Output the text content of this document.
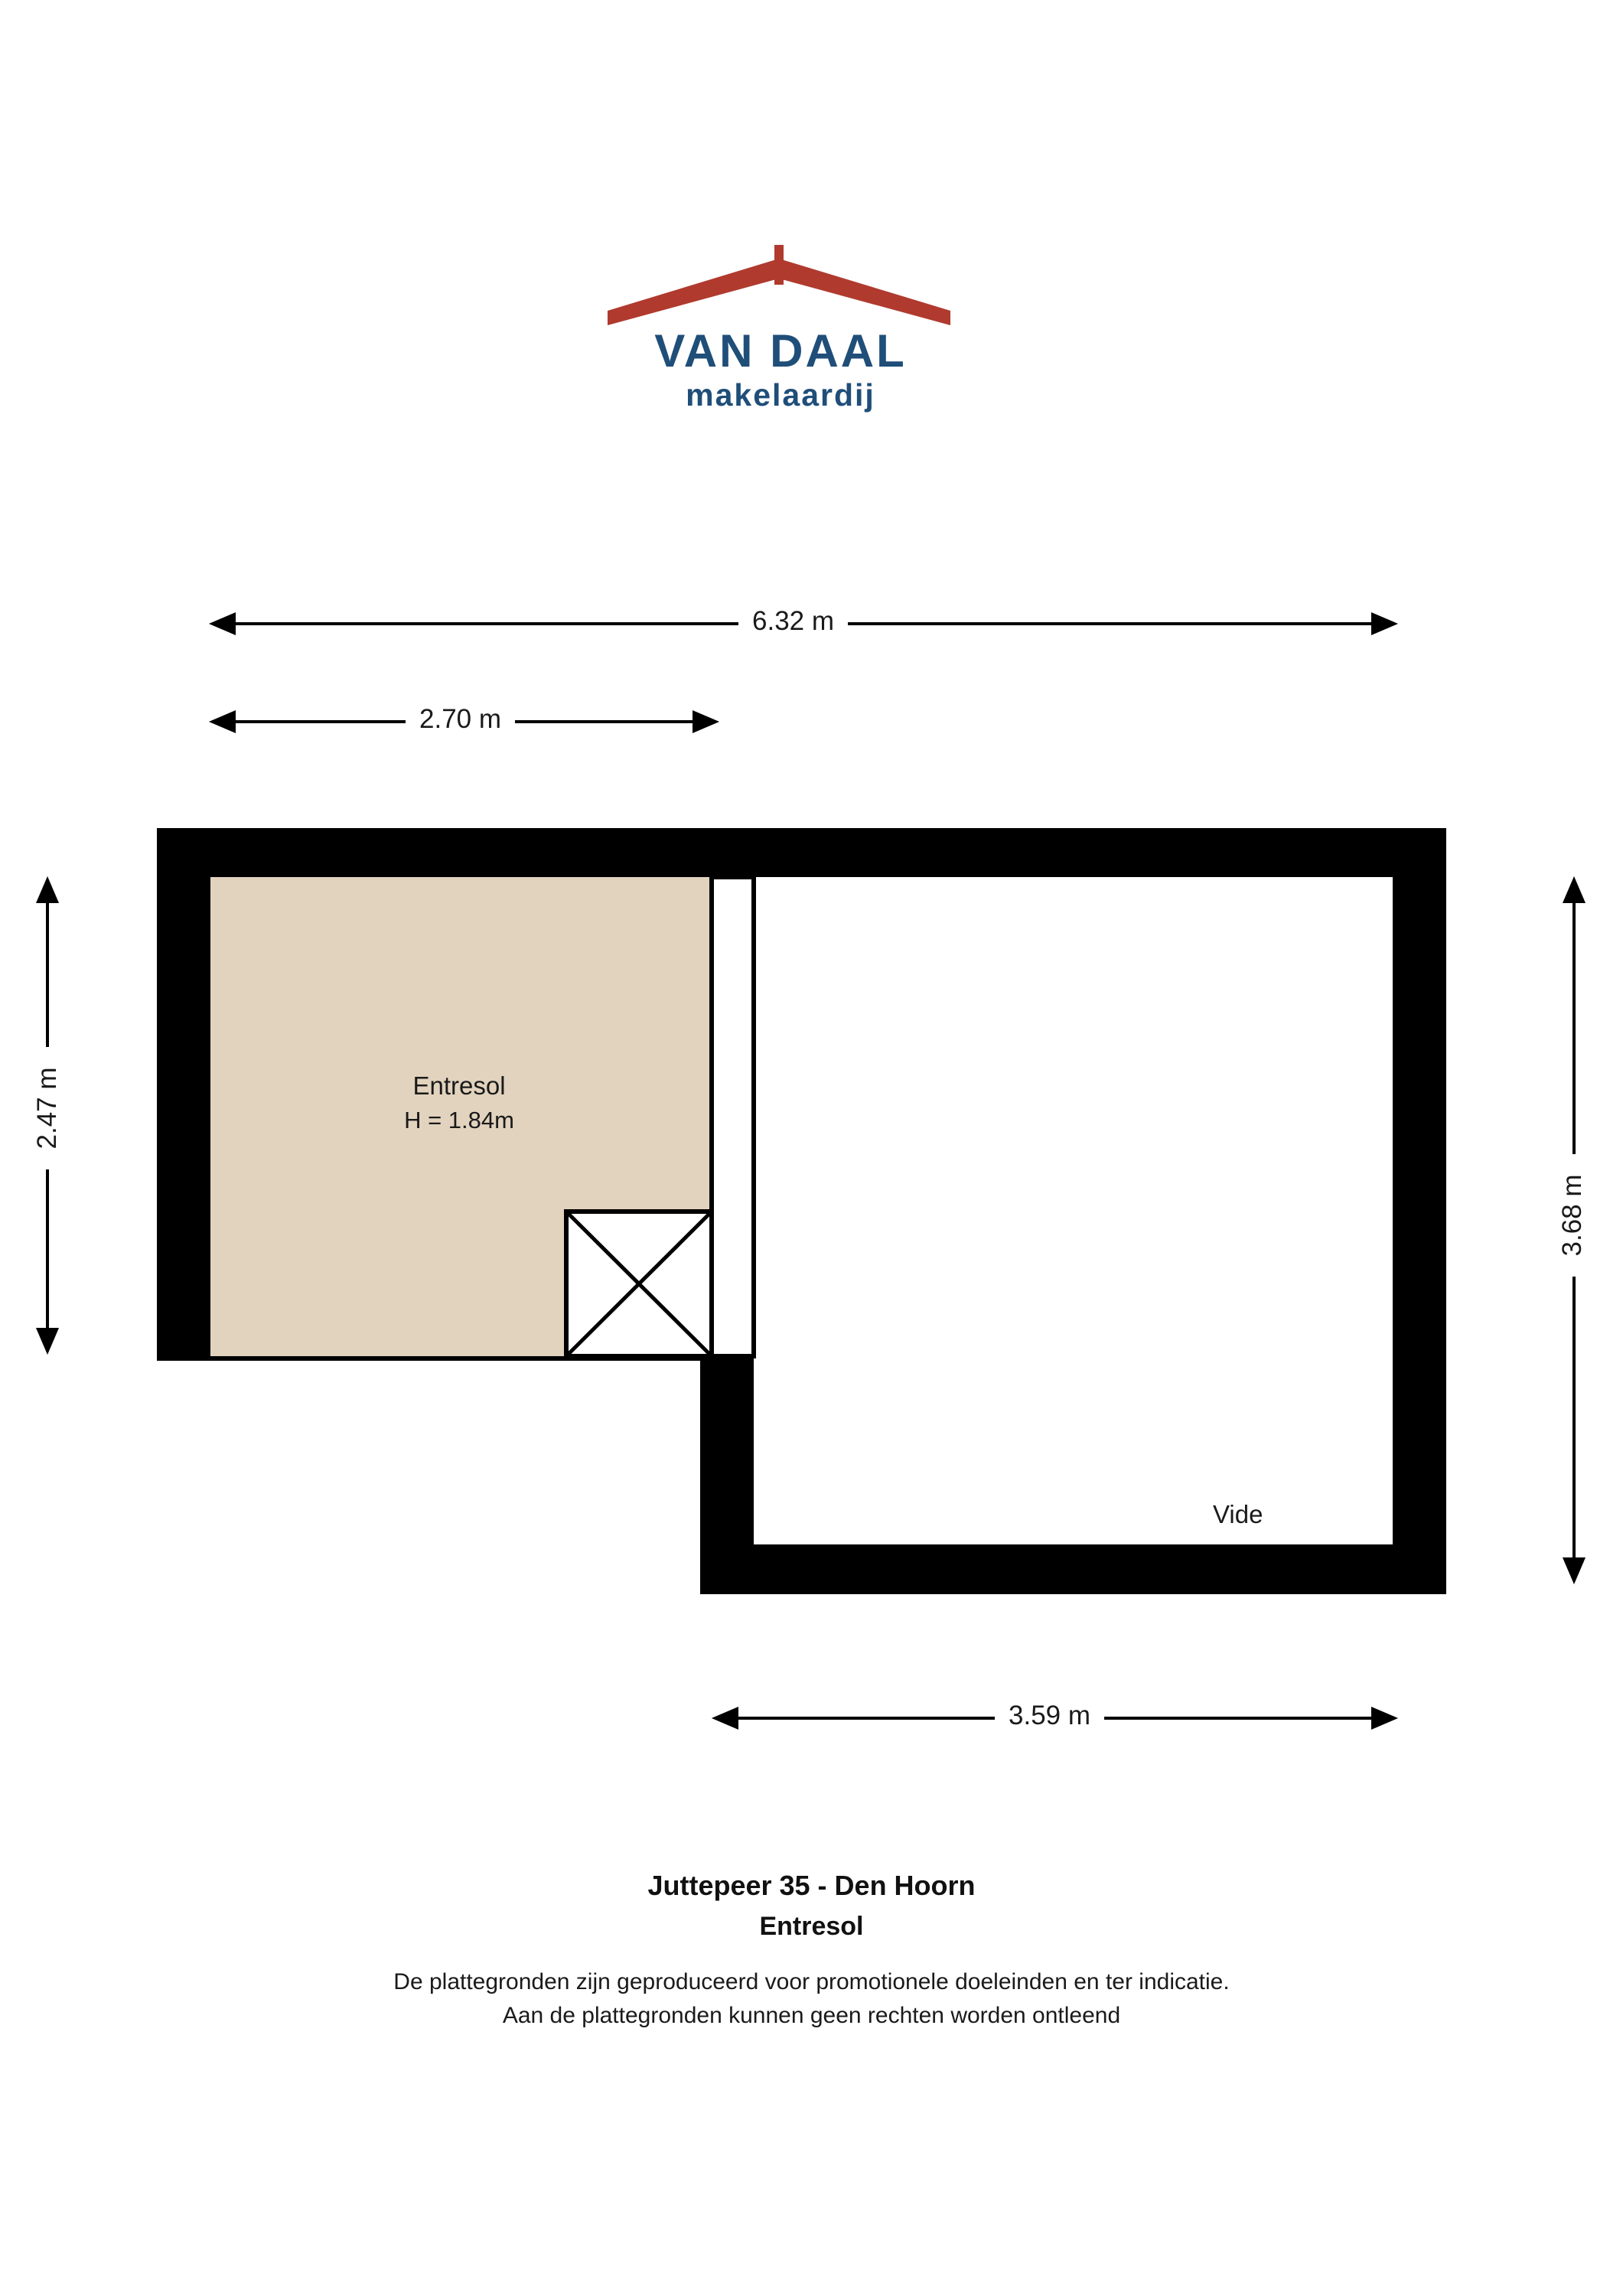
VAN DAAL
makelaardij
6.32 m
2.70 m
2.47 m
3.68 m
3.59 m
Entresol
H = 1.84m
Vide
Juttepeer 35 - Den Hoorn
Entresol
De plattegronden zijn geproduceerd voor promotionele doeleinden en ter indicatie.
Aan de plattegronden kunnen geen rechten worden ontleend
